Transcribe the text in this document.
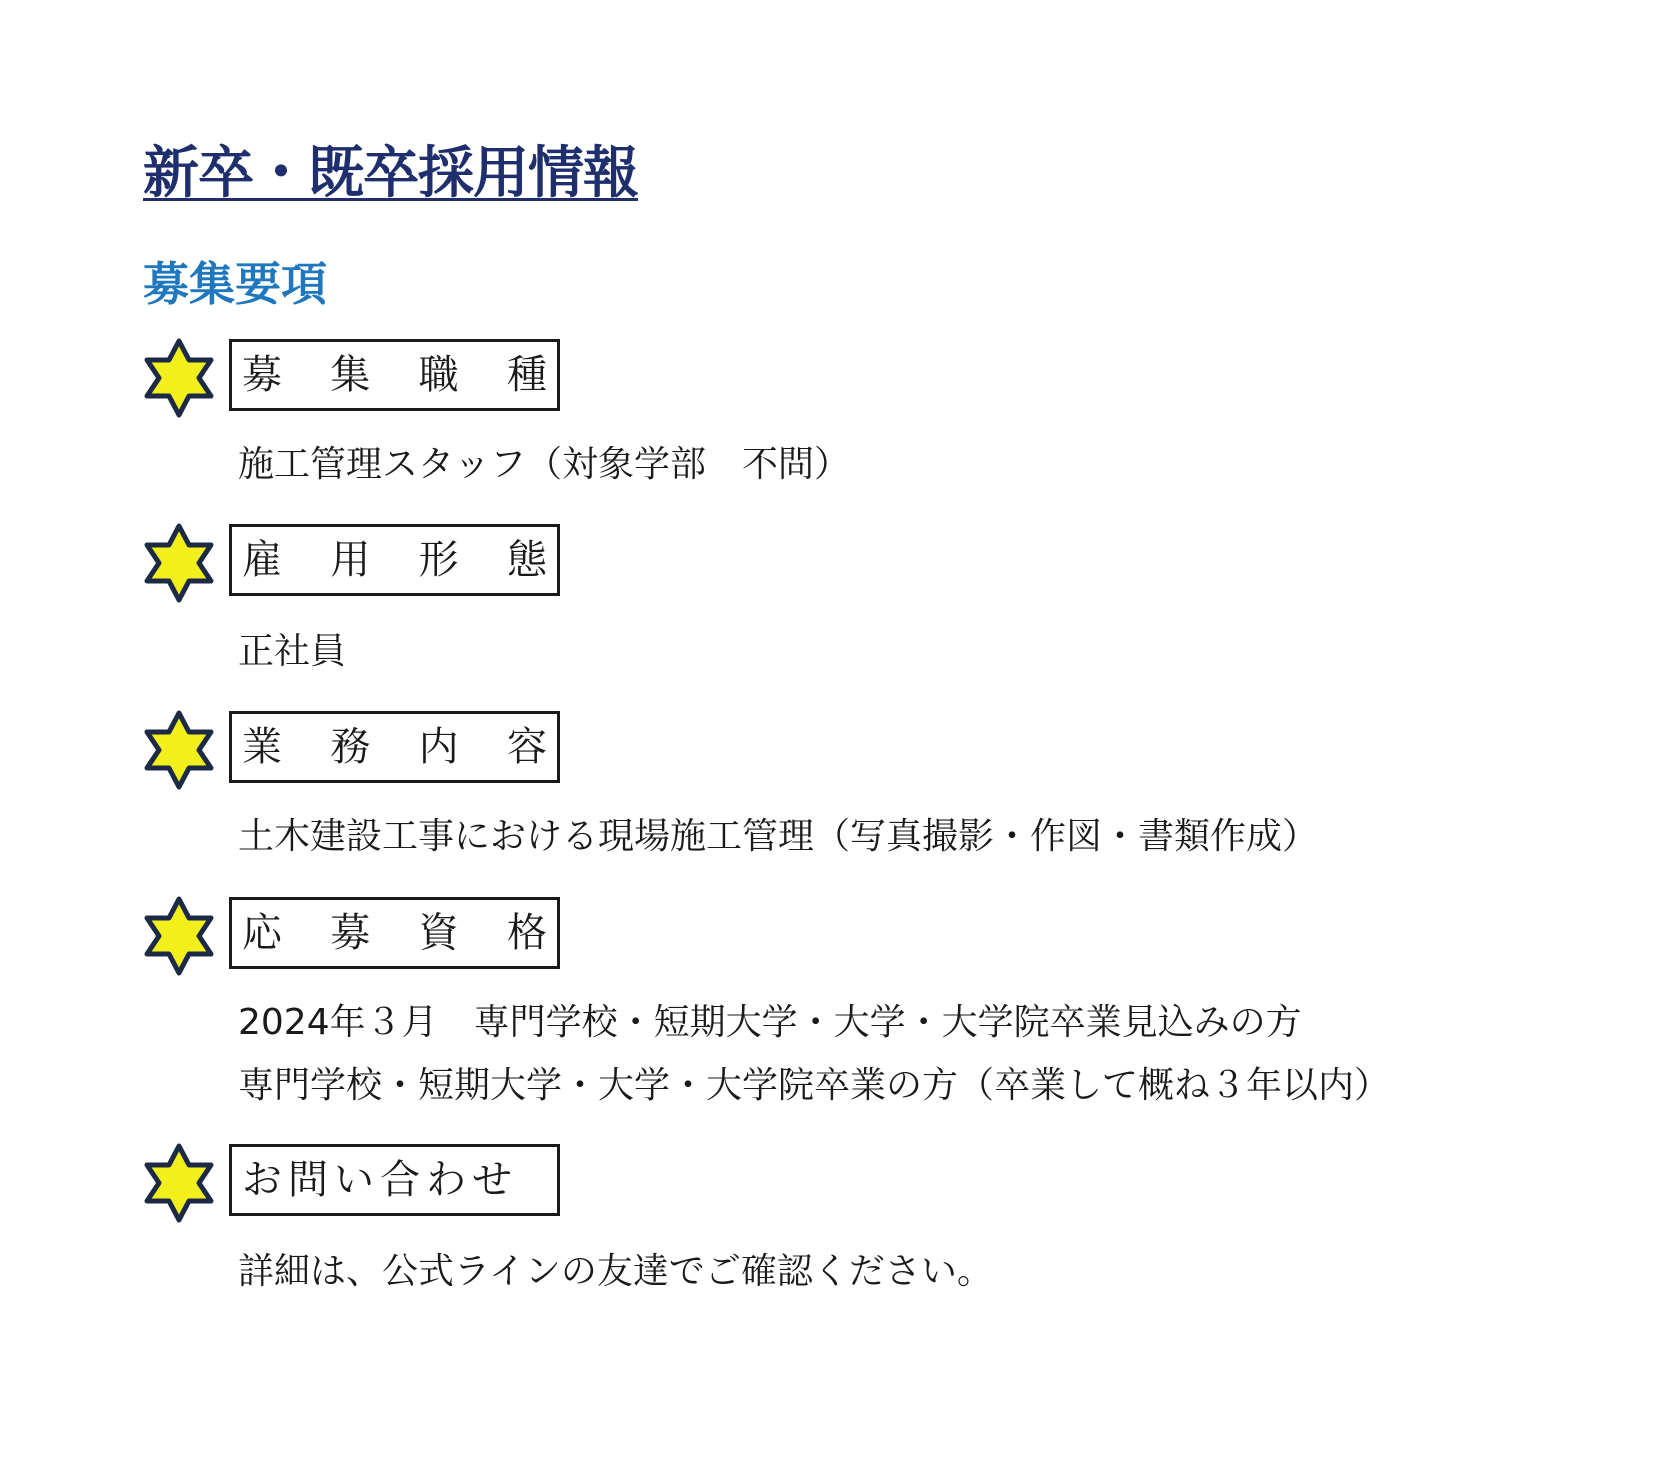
新卒・既卒採用情報
募集要項
募 集 職 種

施工管理スタッフ（対象学部　不問）

雇 用 形 態

正社員

業 務 内 容

土木建設工事における現場施工管理（写真撮影・作図・書類作成）

応 募 資 格

2024年３月　専門学校・短期大学・大学・大学院卒業見込みの方

専門学校・短期大学・大学・大学院卒業の方（卒業して概ね３年以内）

お問い合わせ

詳細は、公式ラインの友達でご確認ください。
